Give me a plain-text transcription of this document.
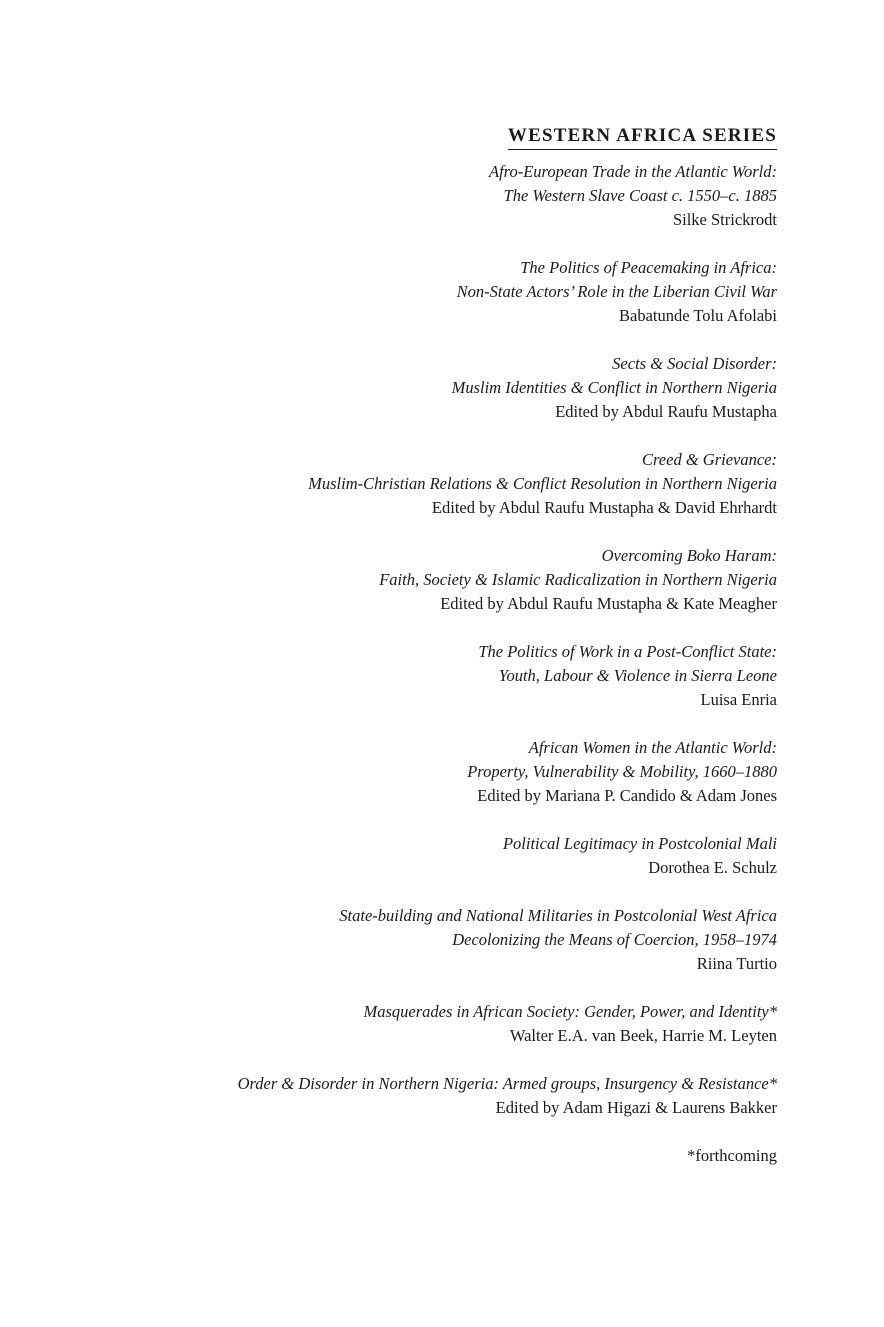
WESTERN AFRICA SERIES
Afro-European Trade in the Atlantic World:
The Western Slave Coast c. 1550–c. 1885
Silke Strickrodt
The Politics of Peacemaking in Africa:
Non-State Actors’ Role in the Liberian Civil War
Babatunde Tolu Afolabi
Sects & Social Disorder:
Muslim Identities & Conflict in Northern Nigeria
Edited by Abdul Raufu Mustapha
Creed & Grievance:
Muslim-Christian Relations & Conflict Resolution in Northern Nigeria
Edited by Abdul Raufu Mustapha & David Ehrhardt
Overcoming Boko Haram:
Faith, Society & Islamic Radicalization in Northern Nigeria
Edited by Abdul Raufu Mustapha & Kate Meagher
The Politics of Work in a Post-Conflict State:
Youth, Labour & Violence in Sierra Leone
Luisa Enria
African Women in the Atlantic World:
Property, Vulnerability & Mobility, 1660–1880
Edited by Mariana P. Candido & Adam Jones
Political Legitimacy in Postcolonial Mali
Dorothea E. Schulz
State-building and National Militaries in Postcolonial West Africa
Decolonizing the Means of Coercion, 1958–1974
Riina Turtio
Masquerades in African Society: Gender, Power, and Identity*
Walter E.A. van Beek, Harrie M. Leyten
Order & Disorder in Northern Nigeria: Armed groups, Insurgency & Resistance*
Edited by Adam Higazi & Laurens Bakker
*forthcoming
